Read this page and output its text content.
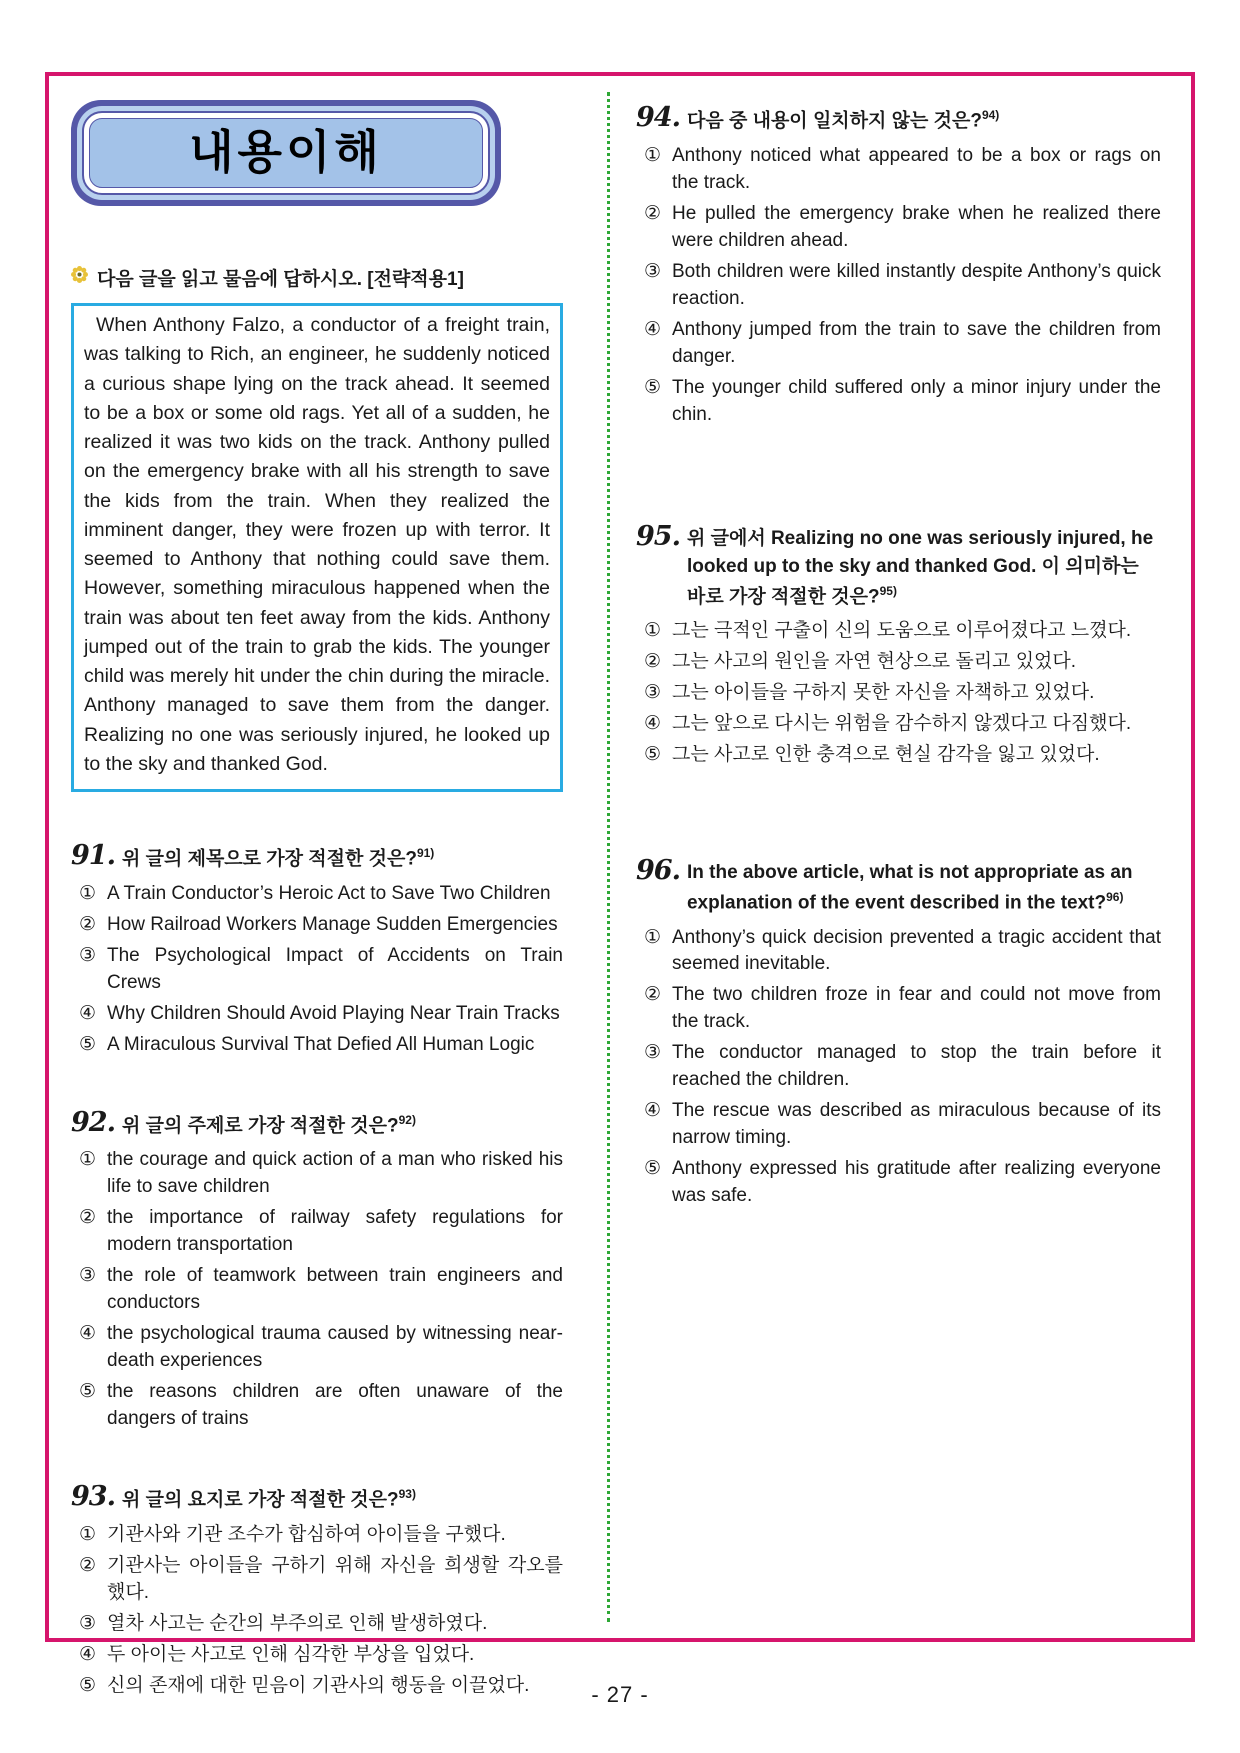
내용이해
다음 글을 읽고 물음에 답하시오. [전략적용1]

When Anthony Falzo, a conductor of a freight train, was talking to Rich, an engineer, he suddenly noticed a curious shape lying on the track ahead. It seemed to be a box or some old rags. Yet all of a sudden, he realized it was two kids on the track. Anthony pulled on the emergency brake with all his strength to save the kids from the train. When they realized the imminent danger, they were frozen up with terror. It seemed to Anthony that nothing could save them. However, something miraculous happened when the train was about ten feet away from the kids. Anthony jumped out of the train to grab the kids. The younger child was merely hit under the chin during the miracle. Anthony managed to save them from the danger. Realizing no one was seriously injured, he looked up to the sky and thanked God.

91. 위 글의 제목으로 가장 적절한 것은?$^{91)}$
① A Train Conductor’s Heroic Act to Save Two Children
② How Railroad Workers Manage Sudden Emergencies
③ The Psychological Impact of Accidents on Train Crews
④ Why Children Should Avoid Playing Near Train Tracks
⑤ A Miraculous Survival That Defied All Human Logic
92. 위 글의 주제로 가장 적절한 것은?$^{92)}$
① the courage and quick action of a man who risked his life to save children
② the importance of railway safety regulations for modern transportation
③ the role of teamwork between train engineers and conductors
④ the psychological trauma caused by witnessing near-death experiences
⑤ the reasons children are often unaware of the dangers of trains
93. 위 글의 요지로 가장 적절한 것은?$^{93)}$
① 기관사와 기관 조수가 합심하여 아이들을 구했다.
② 기관사는 아이들을 구하기 위해 자신을 희생할 각오를 했다.
③ 열차 사고는 순간의 부주의로 인해 발생하였다.
④ 두 아이는 사고로 인해 심각한 부상을 입었다.
⑤ 신의 존재에 대한 믿음이 기관사의 행동을 이끌었다.
94. 다음 중 내용이 일치하지 않는 것은?$^{94)}$
① Anthony noticed what appeared to be a box or rags on the track.
② He pulled the emergency brake when he realized there were children ahead.
③ Both children were killed instantly despite Anthony’s quick reaction.
④ Anthony jumped from the train to save the children from danger.
⑤ The younger child suffered only a minor injury under the chin.
95. 위 글에서 Realizing no one was seriously injured, he looked up to the sky and thanked God. 이 의미하는 바로 가장 적절한 것은?$^{95)}$
① 그는 극적인 구출이 신의 도움으로 이루어졌다고 느꼈다.
② 그는 사고의 원인을 자연 현상으로 돌리고 있었다.
③ 그는 아이들을 구하지 못한 자신을 자책하고 있었다.
④ 그는 앞으로 다시는 위험을 감수하지 않겠다고 다짐했다.
⑤ 그는 사고로 인한 충격으로 현실 감각을 잃고 있었다.
96. In the above article, what is not appropriate as an explanation of the event described in the text?$^{96)}$
① Anthony’s quick decision prevented a tragic accident that seemed inevitable.
② The two children froze in fear and could not move from the track.
③ The conductor managed to stop the train before it reached the children.
④ The rescue was described as miraculous because of its narrow timing.
⑤ Anthony expressed his gratitude after realizing everyone was safe.
- 27 -
